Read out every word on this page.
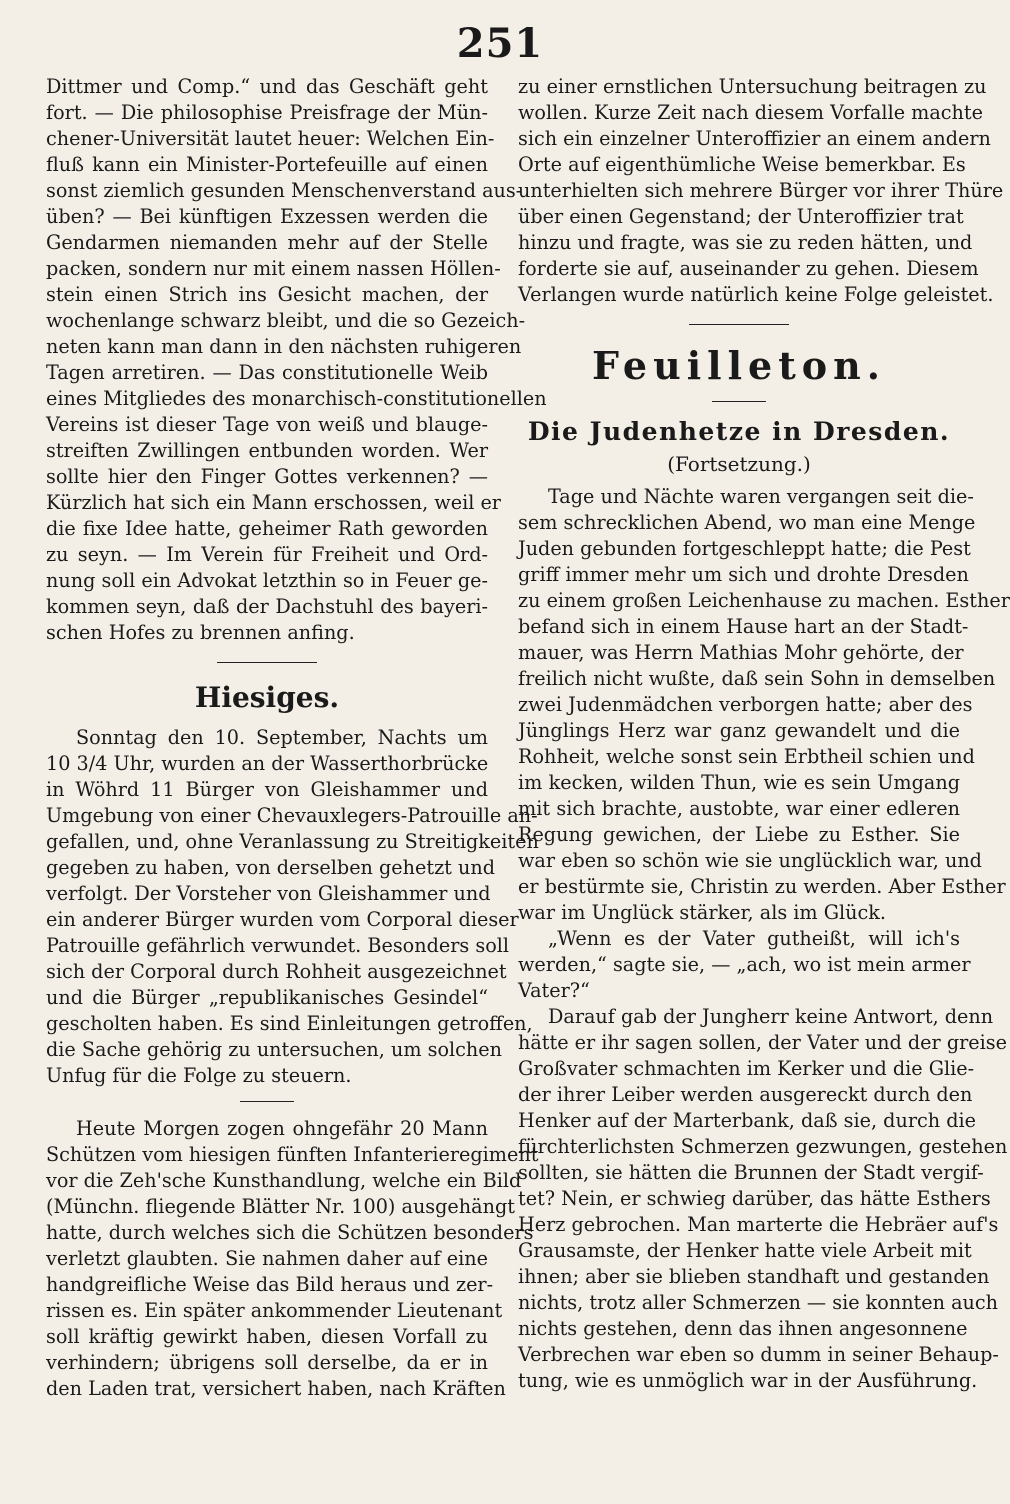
251
Dittmer und Comp.“ und das Geschäft geht
fort. — Die philosophise Preisfrage der Mün-
chener-Universität lautet heuer: Welchen Ein-
fluß kann ein Minister-Portefeuille auf einen
sonst ziemlich gesunden Menschenverstand aus-
üben? — Bei künftigen Exzessen werden die
Gendarmen niemanden mehr auf der Stelle
packen, sondern nur mit einem nassen Höllen-
stein einen Strich ins Gesicht machen, der
wochenlange schwarz bleibt, und die so Gezeich-
neten kann man dann in den nächsten ruhigeren
Tagen arretiren. — Das constitutionelle Weib
eines Mitgliedes des monarchisch-constitutionellen
Vereins ist dieser Tage von weiß und blauge-
streiften Zwillingen entbunden worden. Wer
sollte hier den Finger Gottes verkennen? —
Kürzlich hat sich ein Mann erschossen, weil er
die fixe Idee hatte, geheimer Rath geworden
zu seyn. — Im Verein für Freiheit und Ord-
nung soll ein Advokat letzthin so in Feuer ge-
kommen seyn, daß der Dachstuhl des bayeri-
schen Hofes zu brennen anfing.
Hiesiges.
Sonntag den 10. September, Nachts um
10 3/4 Uhr, wurden an der Wasserthorbrücke
in Wöhrd 11 Bürger von Gleishammer und
Umgebung von einer Chevauxlegers-Patrouille an-
gefallen, und, ohne Veranlassung zu Streitigkeiten
gegeben zu haben, von derselben gehetzt und
verfolgt. Der Vorsteher von Gleishammer und
ein anderer Bürger wurden vom Corporal dieser
Patrouille gefährlich verwundet. Besonders soll
sich der Corporal durch Rohheit ausgezeichnet
und die Bürger „republikanisches Gesindel“
gescholten haben. Es sind Einleitungen getroffen,
die Sache gehörig zu untersuchen, um solchen
Unfug für die Folge zu steuern.
Heute Morgen zogen ohngefähr 20 Mann
Schützen vom hiesigen fünften Infanterieregiment
vor die Zeh'sche Kunsthandlung, welche ein Bild
(Münchn. fliegende Blätter Nr. 100) ausgehängt
hatte, durch welches sich die Schützen besonders
verletzt glaubten. Sie nahmen daher auf eine
handgreifliche Weise das Bild heraus und zer-
rissen es. Ein später ankommender Lieutenant
soll kräftig gewirkt haben, diesen Vorfall zu
verhindern; übrigens soll derselbe, da er in
den Laden trat, versichert haben, nach Kräften
zu einer ernstlichen Untersuchung beitragen zu
wollen. Kurze Zeit nach diesem Vorfalle machte
sich ein einzelner Unteroffizier an einem andern
Orte auf eigenthümliche Weise bemerkbar. Es
unterhielten sich mehrere Bürger vor ihrer Thüre
über einen Gegenstand; der Unteroffizier trat
hinzu und fragte, was sie zu reden hätten, und
forderte sie auf, auseinander zu gehen. Diesem
Verlangen wurde natürlich keine Folge geleistet.
Feuilleton.
Die Judenhetze in Dresden.
(Fortsetzung.)
Tage und Nächte waren vergangen seit die-
sem schrecklichen Abend, wo man eine Menge
Juden gebunden fortgeschleppt hatte; die Pest
griff immer mehr um sich und drohte Dresden
zu einem großen Leichenhause zu machen. Esther
befand sich in einem Hause hart an der Stadt-
mauer, was Herrn Mathias Mohr gehörte, der
freilich nicht wußte, daß sein Sohn in demselben
zwei Judenmädchen verborgen hatte; aber des
Jünglings Herz war ganz gewandelt und die
Rohheit, welche sonst sein Erbtheil schien und
im kecken, wilden Thun, wie es sein Umgang
mit sich brachte, austobte, war einer edleren
Regung gewichen, der Liebe zu Esther. Sie
war eben so schön wie sie unglücklich war, und
er bestürmte sie, Christin zu werden. Aber Esther
war im Unglück stärker, als im Glück.
„Wenn es der Vater gutheißt, will ich's
werden,“ sagte sie, — „ach, wo ist mein armer
Vater?“
Darauf gab der Jungherr keine Antwort, denn
hätte er ihr sagen sollen, der Vater und der greise
Großvater schmachten im Kerker und die Glie-
der ihrer Leiber werden ausgereckt durch den
Henker auf der Marterbank, daß sie, durch die
fürchterlichsten Schmerzen gezwungen, gestehen
sollten, sie hätten die Brunnen der Stadt vergif-
tet? Nein, er schwieg darüber, das hätte Esthers
Herz gebrochen. Man marterte die Hebräer auf's
Grausamste, der Henker hatte viele Arbeit mit
ihnen; aber sie blieben standhaft und gestanden
nichts, trotz aller Schmerzen — sie konnten auch
nichts gestehen, denn das ihnen angesonnene
Verbrechen war eben so dumm in seiner Behaup-
tung, wie es unmöglich war in der Ausführung.
